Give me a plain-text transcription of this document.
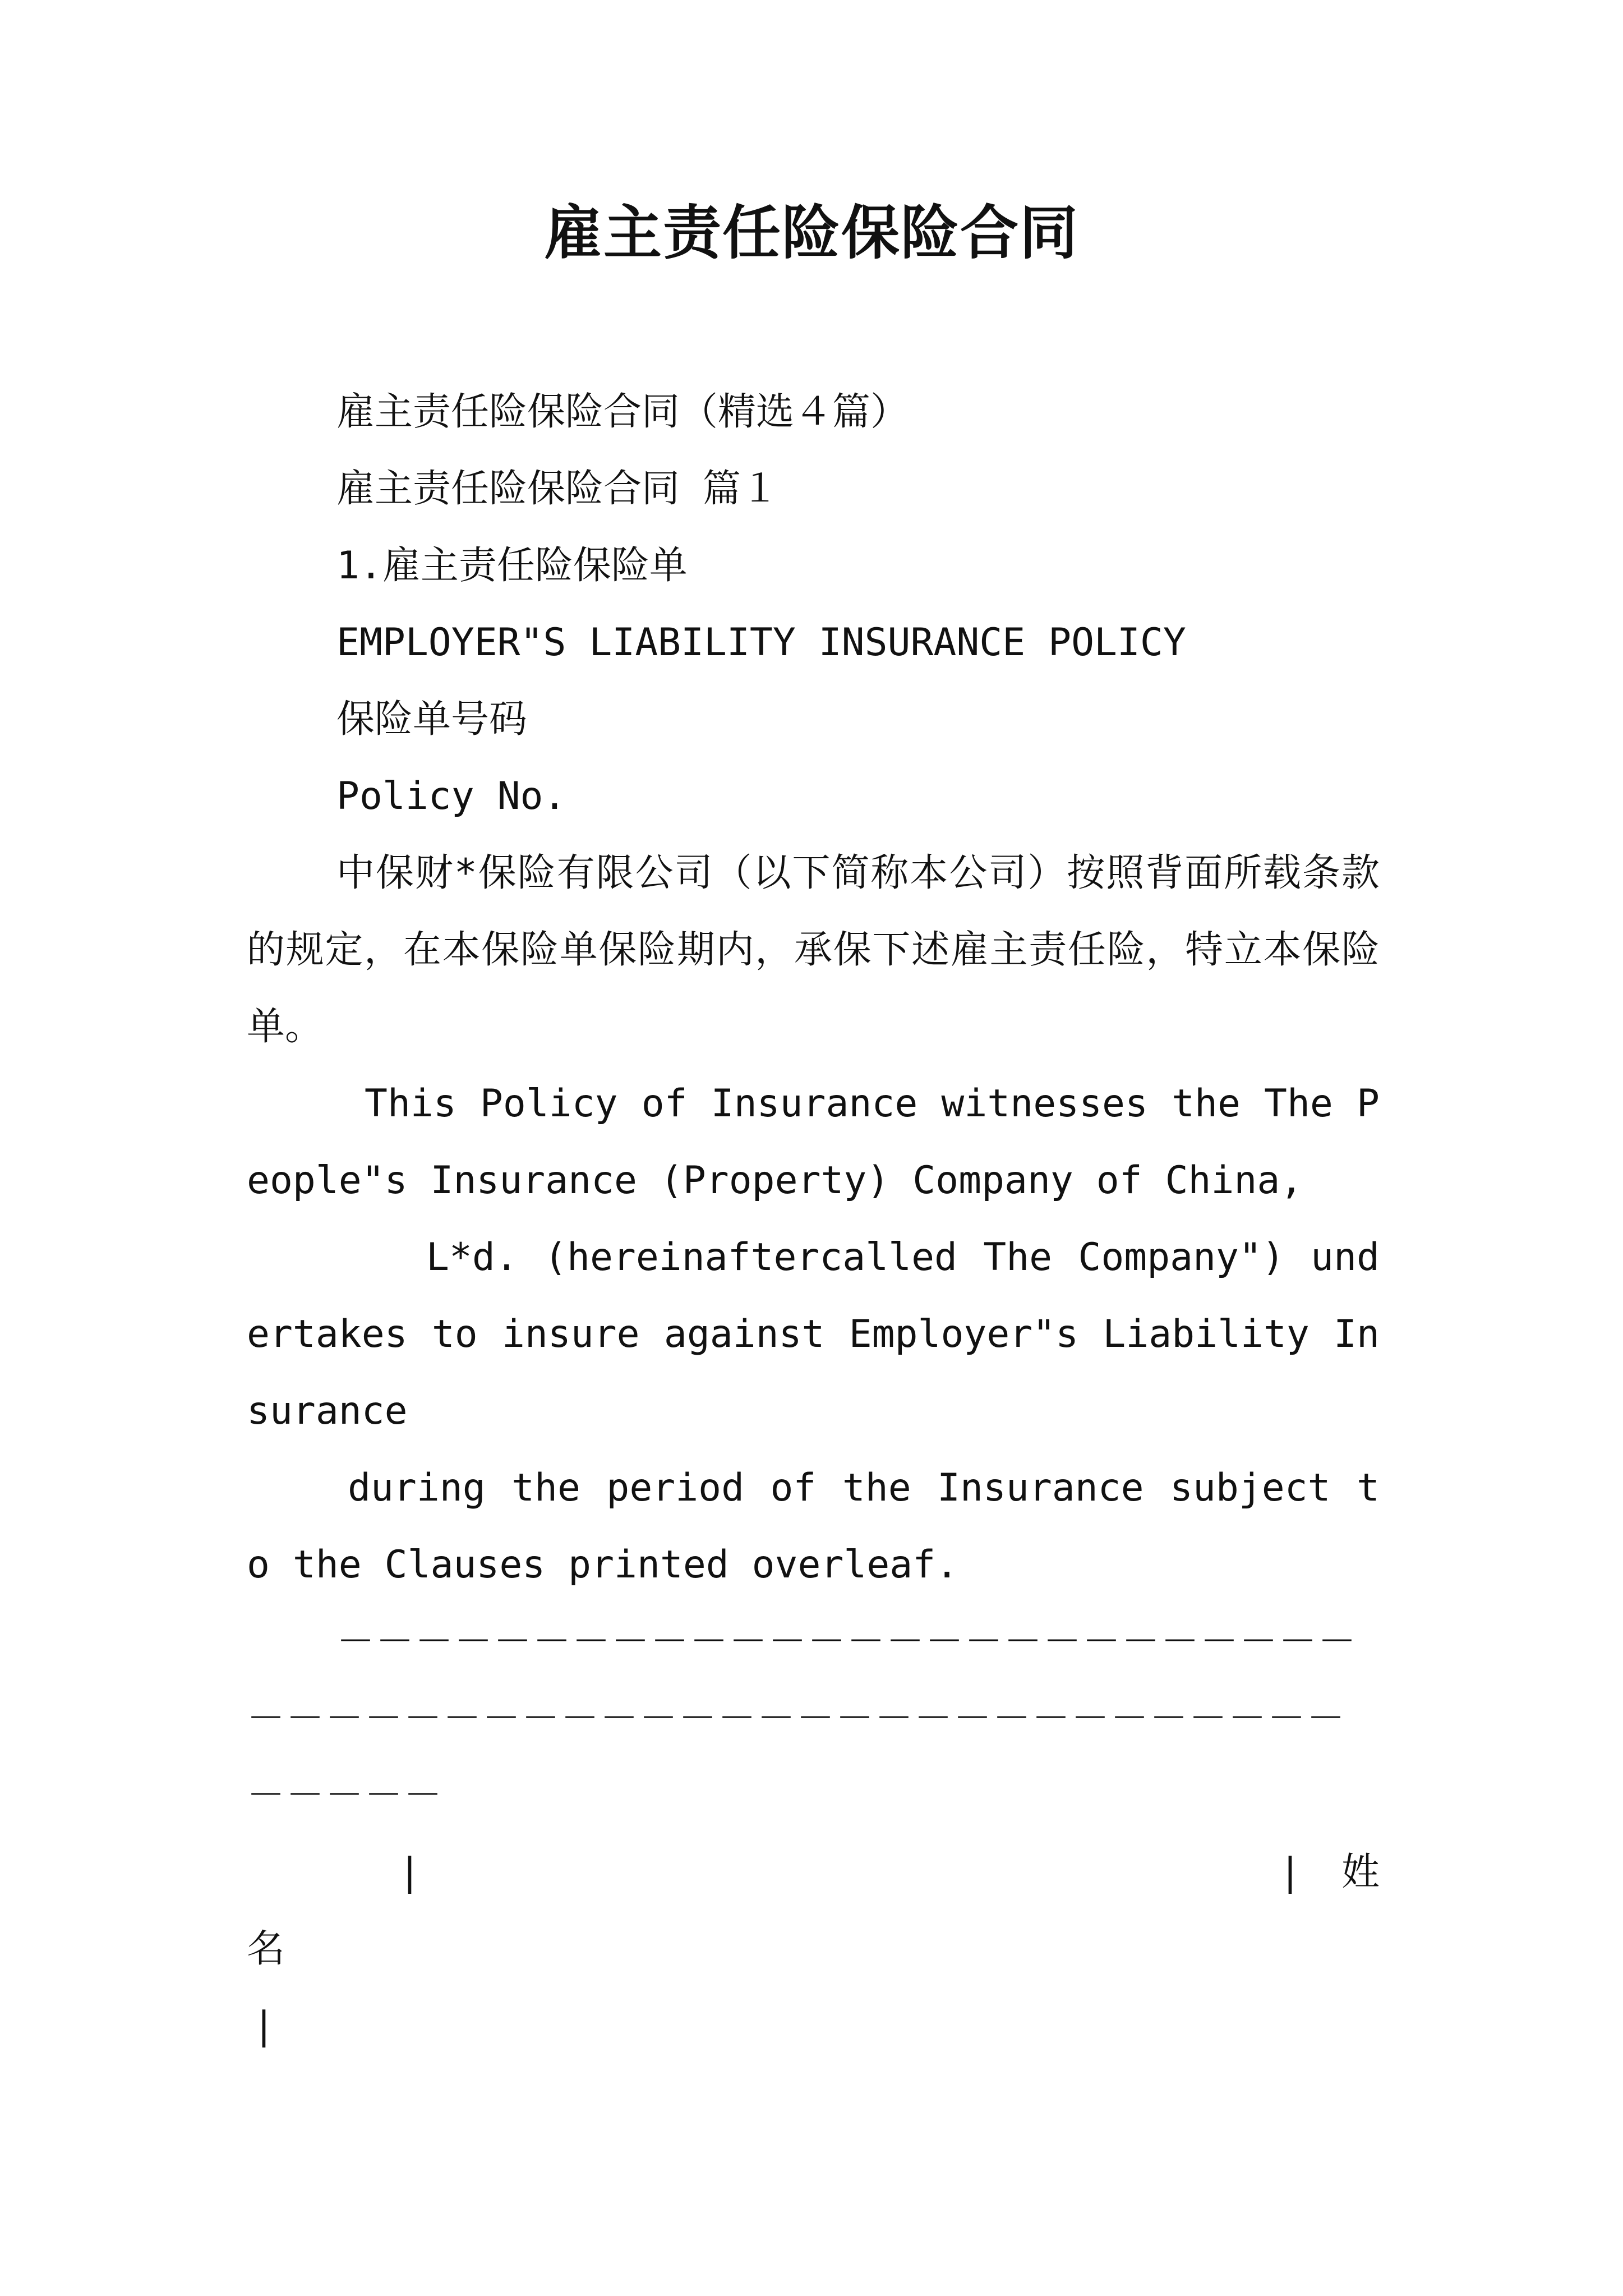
雇主责任险保险合同

雇主责任险保险合同（精选４篇）

雇主责任险保险合同 篇１

1.雇主责任险保险单

EMPLOYER"S LIABILITY INSURANCE POLICY

保险单号码

Policy No.

中保财*保险有限公司（以下简称本公司）按照背面所载条款的规定，在本保险单保险期内，承保下述雇主责任险，特立本保险单。

This Policy of Insurance witnesses the The People"s Insurance (Property) Company of China,

L*d. (hereinaftercalled The Company") undertakes to insure against Employer"s Liability Insurance

during the period of the Insurance subject to the Clauses printed overleaf.

－－－－－－－－－－－－－－－－－－－－－－－－－－－－－－－－－－－－－－－－－－－－－－－－－－－－－－－－－－－

|	| 姓

名

|
